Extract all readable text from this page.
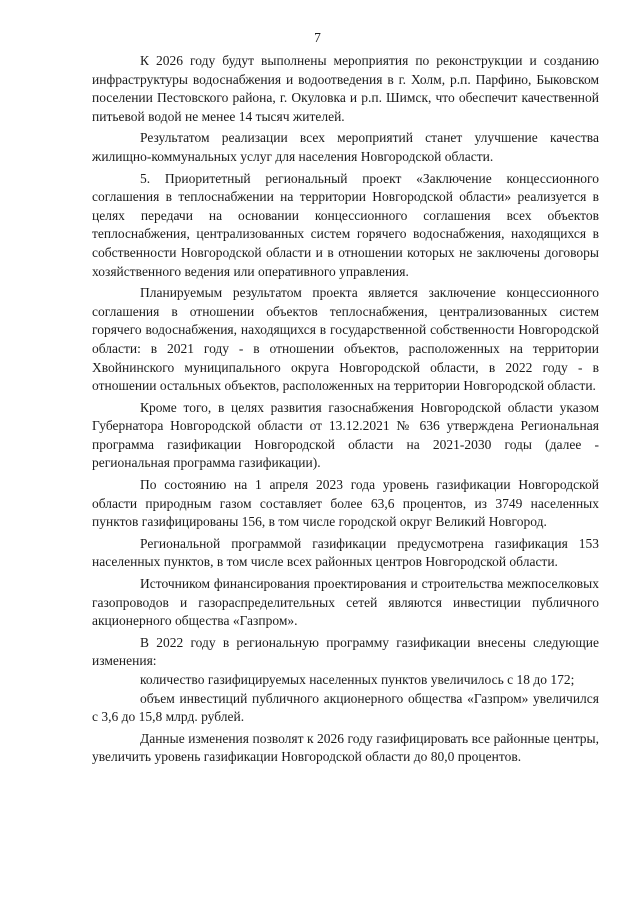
7

К 2026 году будут выполнены мероприятия по реконструкции и созданию инфраструктуры водоснабжения и водоотведения в г. Холм, р.п. Парфино, Быковском поселении Пестовского района, г. Окуловка и р.п. Шимск, что обеспечит качественной питьевой водой не менее 14 тысяч жителей.

Результатом реализации всех мероприятий станет улучшение качества жилищно-коммунальных услуг для населения Новгородской области.

5. Приоритетный региональный проект «Заключение концессионного соглашения в теплоснабжении на территории Новгородской области» реализуется в целях передачи на основании концессионного соглашения всех объектов теплоснабжения, централизованных систем горячего водоснабжения, находящихся в собственности Новгородской области и в отношении которых не заключены договоры хозяйственного ведения или оперативного управления.

Планируемым результатом проекта является заключение концессионного соглашения в отношении объектов теплоснабжения, централизованных систем горячего водоснабжения, находящихся в государственной собственности Новгородской области: в 2021 году - в отношении объектов, расположенных на территории Хвойнинского муниципального округа Новгородской области, в 2022 году - в отношении остальных объектов, расположенных на территории Новгородской области.

Кроме того, в целях развития газоснабжения Новгородской области указом Губернатора Новгородской области от 13.12.2021 № 636 утверждена Региональная программа газификации Новгородской области на 2021-2030 годы (далее - региональная программа газификации).

По состоянию на 1 апреля 2023 года уровень газификации Новгородской области природным газом составляет более 63,6 процентов, из 3749 населенных пунктов газифицированы 156, в том числе городской округ Великий Новгород.

Региональной программой газификации предусмотрена газификация 153 населенных пунктов, в том числе всех районных центров Новгородской области.

Источником финансирования проектирования и строительства межпоселковых газопроводов и газораспределительных сетей являются инвестиции публичного акционерного общества «Газпром».

В 2022 году в региональную программу газификации внесены следующие изменения:

количество газифицируемых населенных пунктов увеличилось с 18 до 172;

объем инвестиций публичного акционерного общества «Газпром» увеличился с 3,6 до 15,8 млрд. рублей.

Данные изменения позволят к 2026 году газифицировать все районные центры, увеличить уровень газификации Новгородской области до 80,0 процентов.
